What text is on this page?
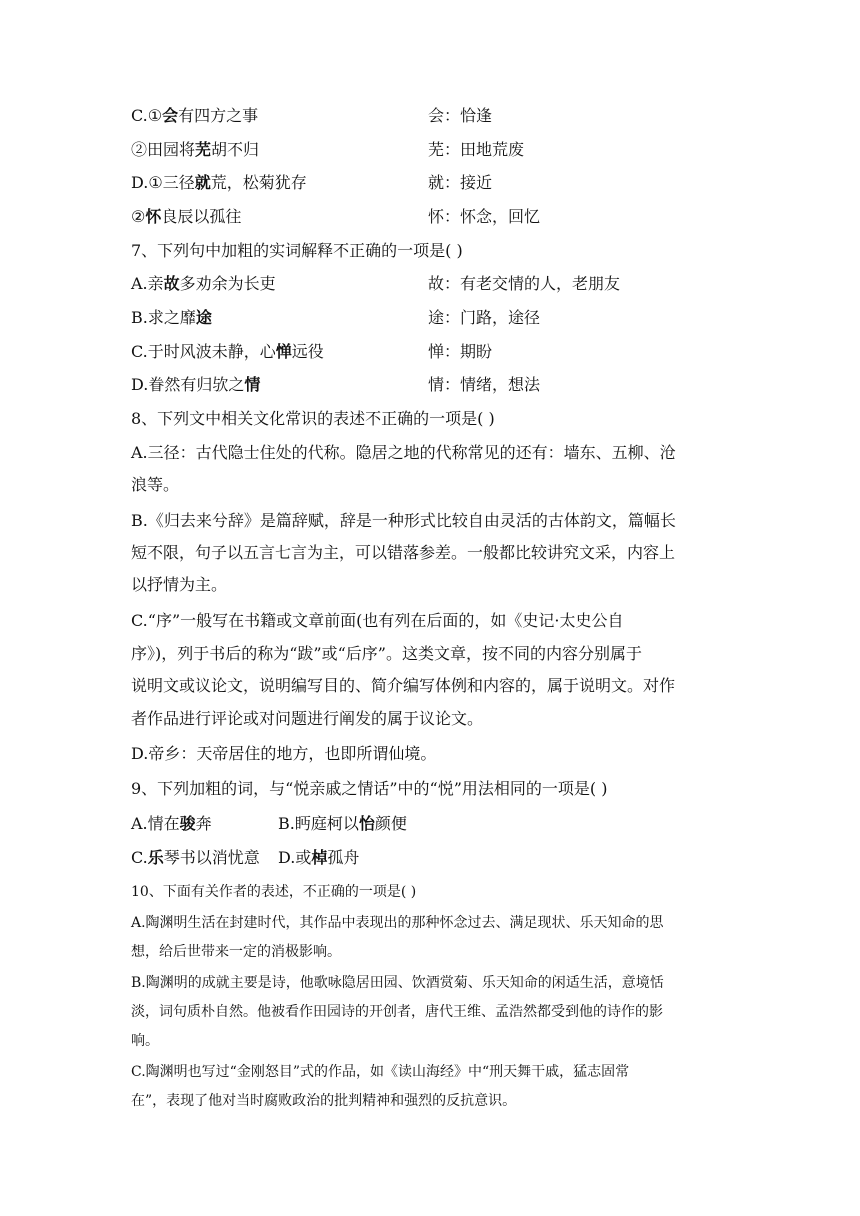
C.①会有四方之事	会：恰逢
②田园将芜胡不归	芜：田地荒废
D.①三径就荒，松菊犹存	就：接近
②怀良辰以孤往	怀：怀念，回忆
7、下列句中加粗的实词解释不正确的一项是( )
A.亲故多劝余为长吏	故：有老交情的人，老朋友
B.求之靡途	途：门路，途径
C.于时风波未静，心惮远役	惮：期盼
D.眷然有归欤之情	情：情绪，想法
8、下列文中相关文化常识的表述不正确的一项是( )
A.三径：古代隐士住处的代称。隐居之地的代称常见的还有：墙东、五柳、沧
浪等。
B.《归去来兮辞》是篇辞赋，辞是一种形式比较自由灵活的古体韵文，篇幅长
短不限，句子以五言七言为主，可以错落参差。一般都比较讲究文采，内容上
以抒情为主。
C.“序”一般写在书籍或文章前面(也有列在后面的，如《史记·太史公自
序》)，列于书后的称为“跋”或“后序”。这类文章，按不同的内容分别属于
说明文或议论文，说明编写目的、简介编写体例和内容的，属于说明文。对作
者作品进行评论或对问题进行阐发的属于议论文。
D.帝乡：天帝居住的地方，也即所谓仙境。
9、下列加粗的词，与“悦亲戚之情话”中的“悦”用法相同的一项是( )
A.情在骏奔	B.眄庭柯以怡颜便
C.乐琴书以消忧意 D.或棹孤舟
10、下面有关作者的表述，不正确的一项是( )
A.陶渊明生活在封建时代，其作品中表现出的那种怀念过去、满足现状、乐天知命的思
想，给后世带来一定的消极影响。
B.陶渊明的成就主要是诗，他歌咏隐居田园、饮酒赏菊、乐天知命的闲适生活，意境恬
淡，词句质朴自然。他被看作田园诗的开创者，唐代王维、孟浩然都受到他的诗作的影
响。
C.陶渊明也写过“金刚怒目”式的作品，如《读山海经》中“刑天舞干戚，猛志固常
在”，表现了他对当时腐败政治的批判精神和强烈的反抗意识。
